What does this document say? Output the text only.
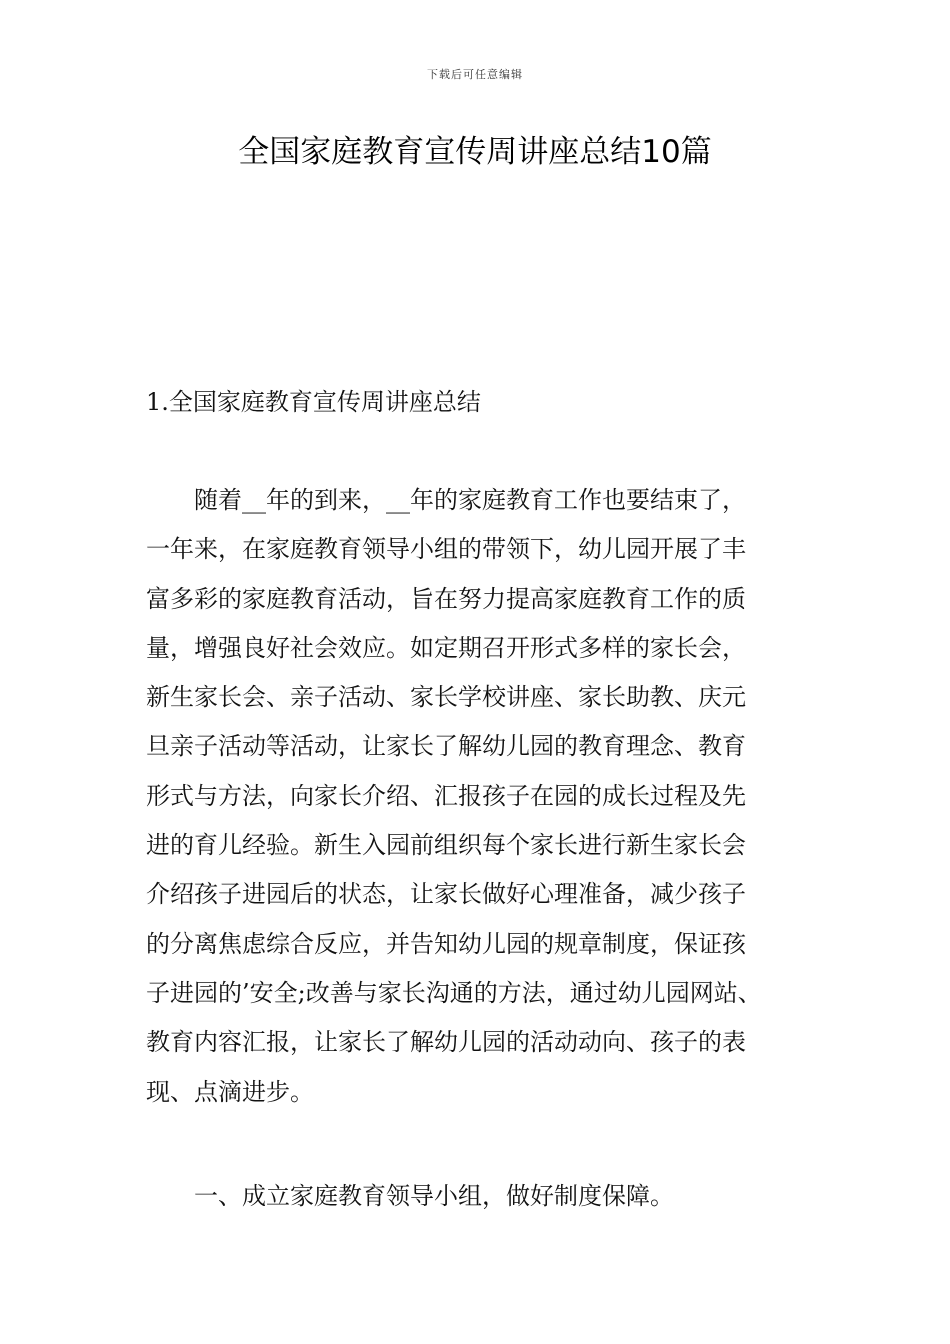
下载后可任意编辑
全国家庭教育宣传周讲座总结10篇
1.全国家庭教育宣传周讲座总结
随着__年的到来，__年的家庭教育工作也要结束了，
一年来，在家庭教育领导小组的带领下，幼儿园开展了丰
富多彩的家庭教育活动，旨在努力提高家庭教育工作的质
量，增强良好社会效应。如定期召开形式多样的家长会，
新生家长会、亲子活动、家长学校讲座、家长助教、庆元
旦亲子活动等活动，让家长了解幼儿园的教育理念、教育
形式与方法，向家长介绍、汇报孩子在园的成长过程及先
进的育儿经验。新生入园前组织每个家长进行新生家长会
介绍孩子进园后的状态，让家长做好心理准备，减少孩子
的分离焦虑综合反应，并告知幼儿园的规章制度，保证孩
子进园的’安全;改善与家长沟通的方法，通过幼儿园网站、
教育内容汇报，让家长了解幼儿园的活动动向、孩子的表
现、点滴进步。
一、成立家庭教育领导小组，做好制度保障。
